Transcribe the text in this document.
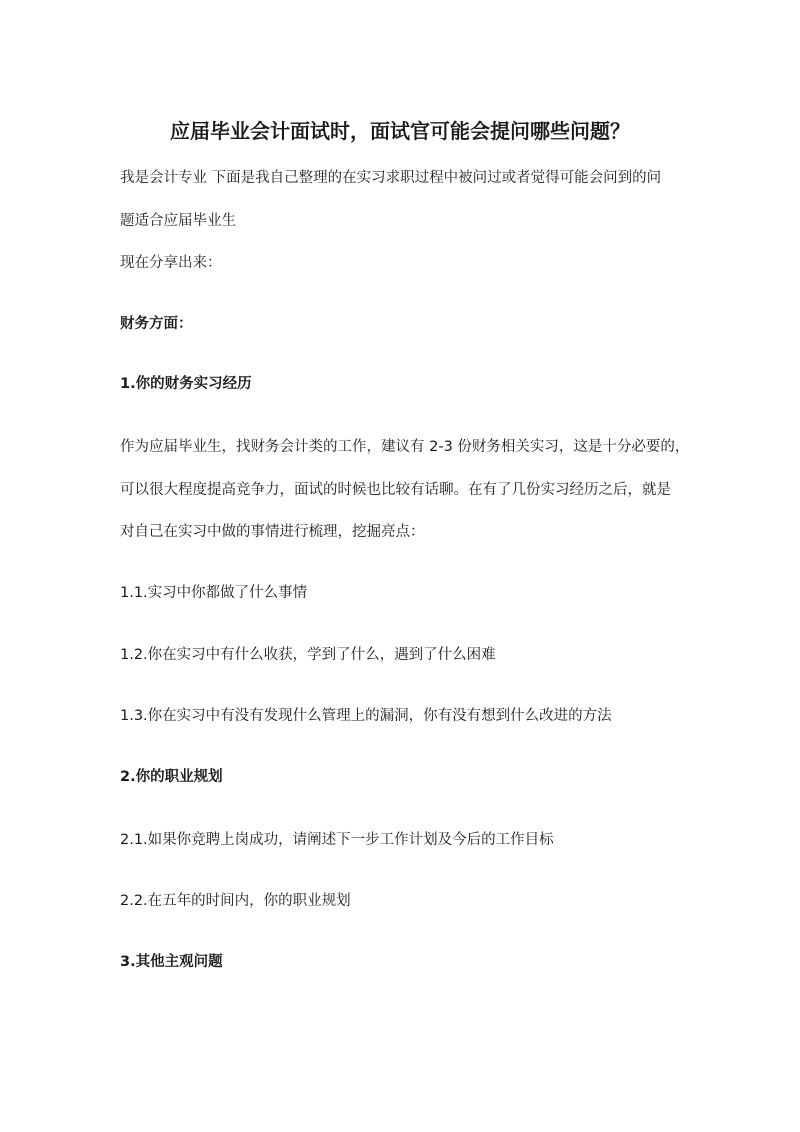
应届毕业会计面试时，面试官可能会提问哪些问题？
我是会计专业 下面是我自己整理的在实习求职过程中被问过或者觉得可能会问到的问
题适合应届毕业生
现在分享出来：
财务方面：
1.你的财务实习经历
作为应届毕业生，找财务会计类的工作，建议有 2-3 份财务相关实习，这是十分必要的，
可以很大程度提高竞争力，面试的时候也比较有话聊。在有了几份实习经历之后，就是
对自己在实习中做的事情进行梳理，挖掘亮点：
1.1.实习中你都做了什么事情
1.2.你在实习中有什么收获，学到了什么，遇到了什么困难
1.3.你在实习中有没有发现什么管理上的漏洞，你有没有想到什么改进的方法
2.你的职业规划
2.1.如果你竞聘上岗成功，请阐述下一步工作计划及今后的工作目标
2.2.在五年的时间内，你的职业规划
3.其他主观问题
